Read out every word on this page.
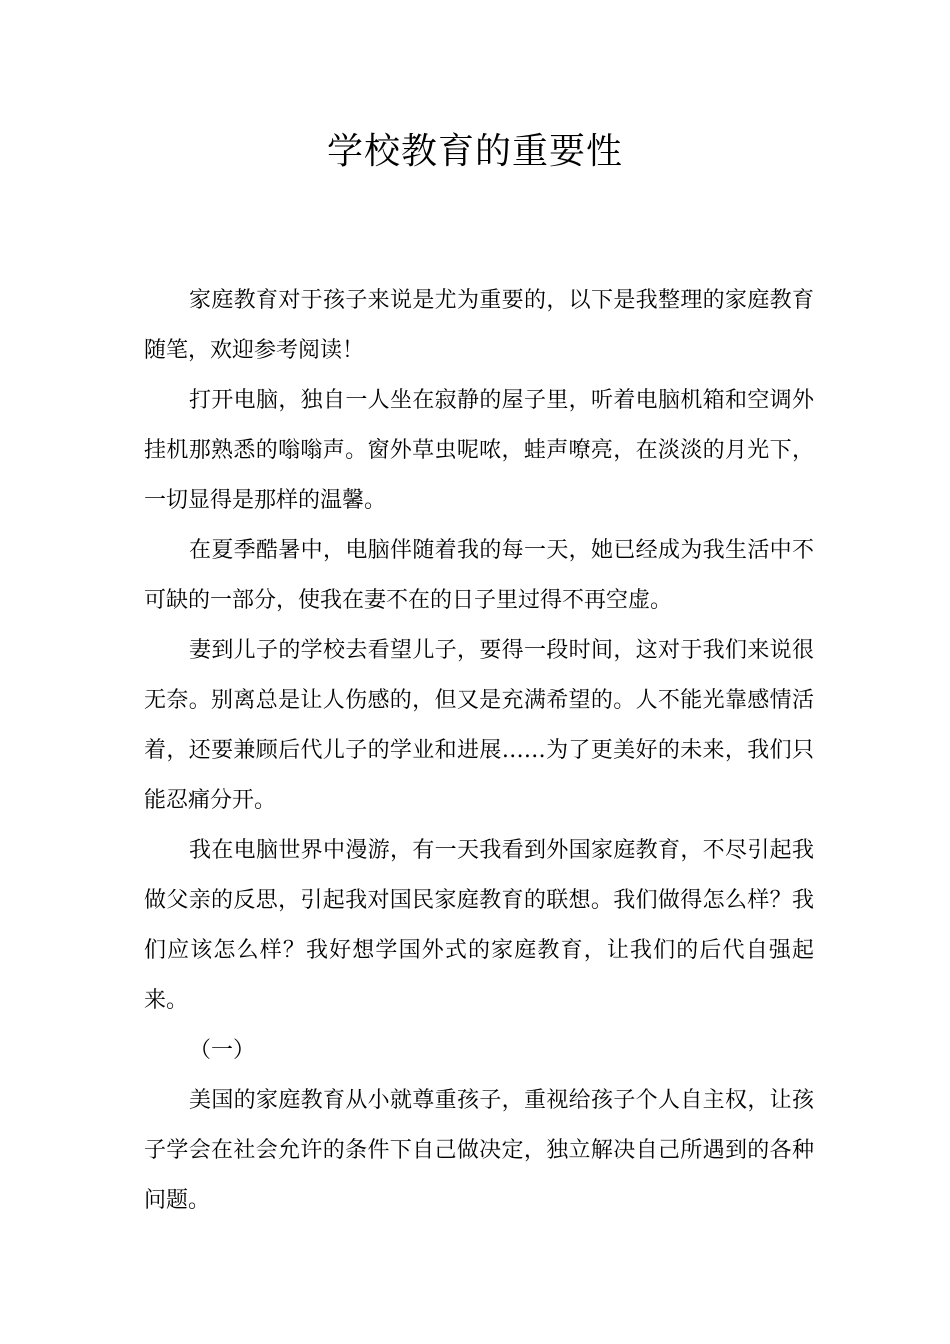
学校教育的重要性

家庭教育对于孩子来说是尤为重要的，以下是我整理的家庭教育随笔，欢迎参考阅读！

打开电脑，独自一人坐在寂静的屋子里，听着电脑机箱和空调外挂机那熟悉的嗡嗡声。窗外草虫呢哝，蛙声嘹亮，在淡淡的月光下，一切显得是那样的温馨。

在夏季酷暑中，电脑伴随着我的每一天，她已经成为我生活中不可缺的一部分，使我在妻不在的日子里过得不再空虚。

妻到儿子的学校去看望儿子，要得一段时间，这对于我们来说很无奈。别离总是让人伤感的，但又是充满希望的。人不能光靠感情活着，还要兼顾后代儿子的学业和进展……为了更美好的未来，我们只能忍痛分开。

我在电脑世界中漫游，有一天我看到外国家庭教育，不尽引起我做父亲的反思，引起我对国民家庭教育的联想。我们做得怎么样？我们应该怎么样？我好想学国外式的家庭教育，让我们的后代自强起来。

（一）

美国的家庭教育从小就尊重孩子，重视给孩子个人自主权，让孩子学会在社会允许的条件下自己做决定，独立解决自己所遇到的各种问题。
